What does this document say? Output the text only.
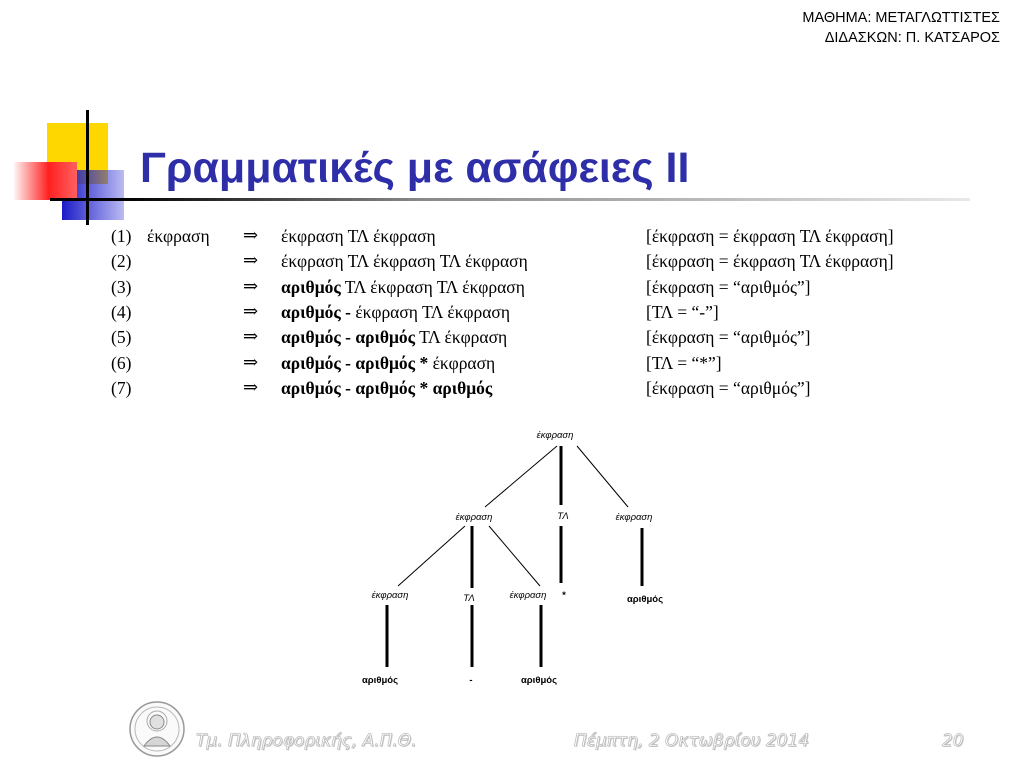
ΜΑΘΗΜΑ: ΜΕΤΑΓΛΩΤΤΙΣΤΕΣ
ΔΙΔΑΣΚΩΝ: Π. ΚΑΤΣΑΡΟΣ
Γραμματικές με ασάφειες ΙΙ
(1) έκφραση ⇒ έκφραση ΤΛ έκφραση	[έκφραση = έκφραση ΤΛ έκφραση]
(2)	⇒ έκφραση ΤΛ έκφραση ΤΛ έκφραση	[έκφραση = έκφραση ΤΛ έκφραση]
(3)	⇒ αριθμός ΤΛ έκφραση ΤΛ έκφραση	[έκφραση = “αριθμός”]
(4)	⇒ αριθμός - έκφραση ΤΛ έκφραση	[ΤΛ = “-”]
(5)	⇒ αριθμός - αριθμός ΤΛ έκφραση	[έκφραση = “αριθμός”]
(6)	⇒ αριθμός - αριθμός * έκφραση	[ΤΛ = “*”]
(7)	⇒ αριθμός - αριθμός * αριθμός	[έκφραση = “αριθμός”]
έκφραση
έκφραση	ΤΛ	έκφραση
έκφραση	ΤΛ	έκφραση *	αριθμός
αριθμός	-	αριθμός
Τμ. Πληροφορικής, Α.Π.Θ.	Πέμπτη, 2 Οκτωβρίου 2014	20
